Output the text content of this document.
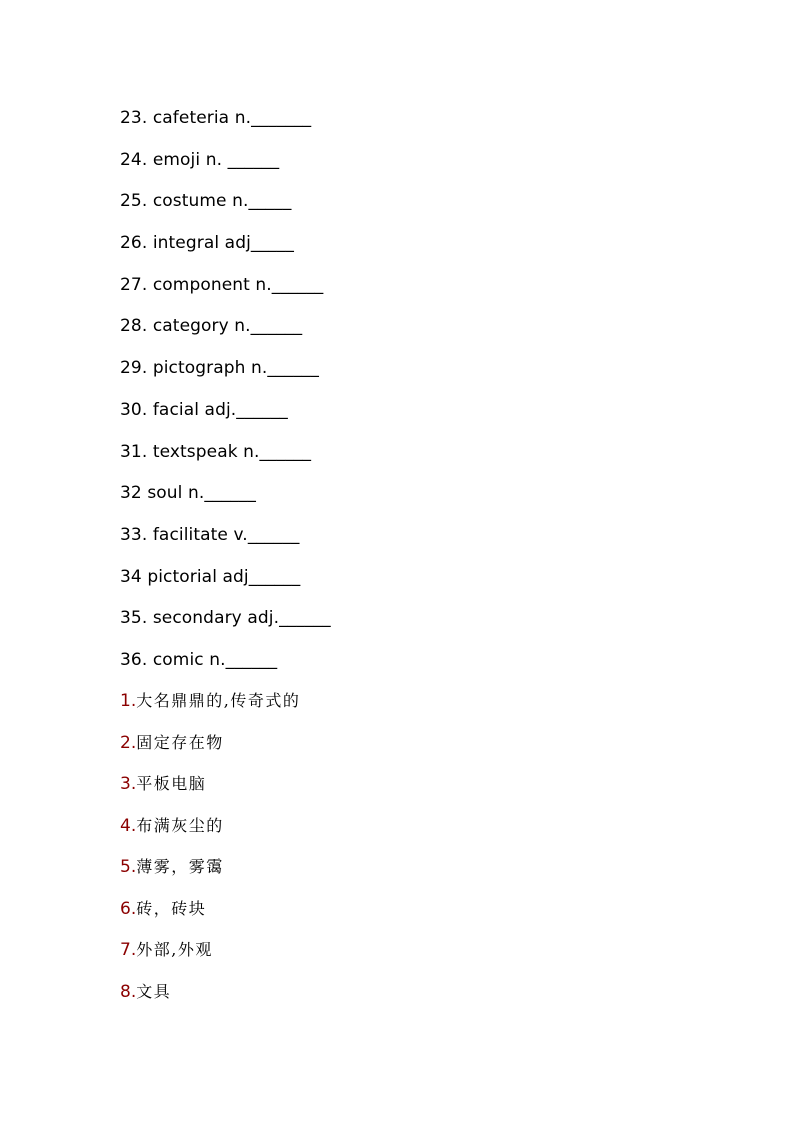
23. cafeteria n._______
24. emoji n. ______
25. costume n._____
26. integral adj_____
27. component n.______
28. category n.______
29. pictograph n.______
30. facial adj.______
31. textspeak n.______
32 soul n.______
33. facilitate v.______
34 pictorial adj______
35. secondary adj.______
36. comic n.______
1.大名鼎鼎的,传奇式的
2.固定存在物
3.平板电脑
4.布满灰尘的
5.薄雾，雾霭
6.砖，砖块
7.外部,外观
8.文具
